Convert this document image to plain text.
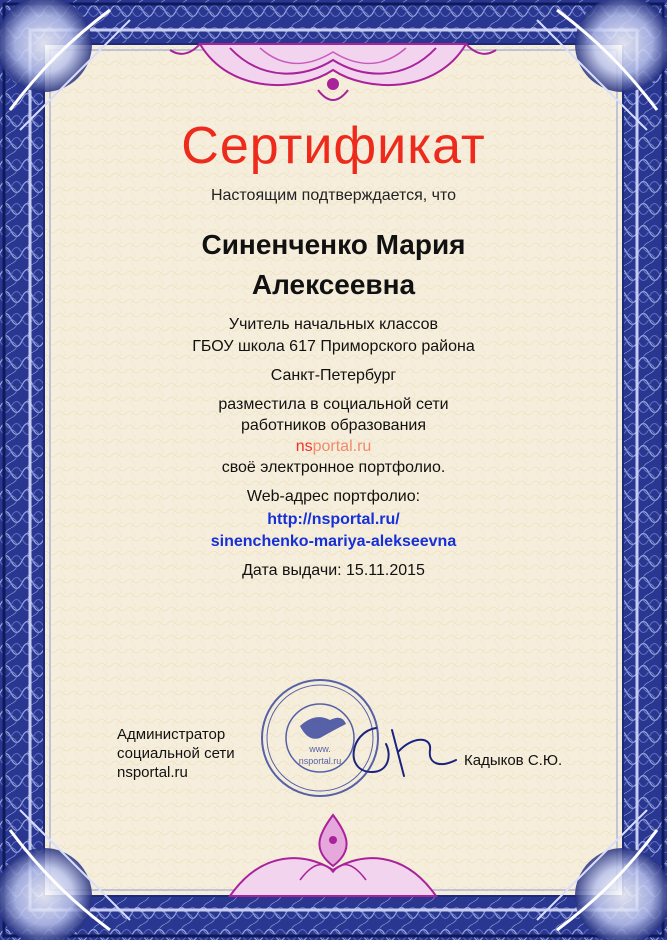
www.
nsportal.ru
Сертификат
Настоящим подтверждается, что
Синенченко Мария
Алексеевна
Учитель начальных классов
ГБОУ школа 617 Приморского района
Санкт-Петербург
разместила в социальной сети
работников образования
nsportal.ru
своё электронное портфолио.
Web-адрес портфолио:
http://nsportal.ru/
sinenchenko-mariya-alekseevna
Дата выдачи: 15.11.2015
Администратор
социальной сети
nsportal.ru
Кадыков С.Ю.
